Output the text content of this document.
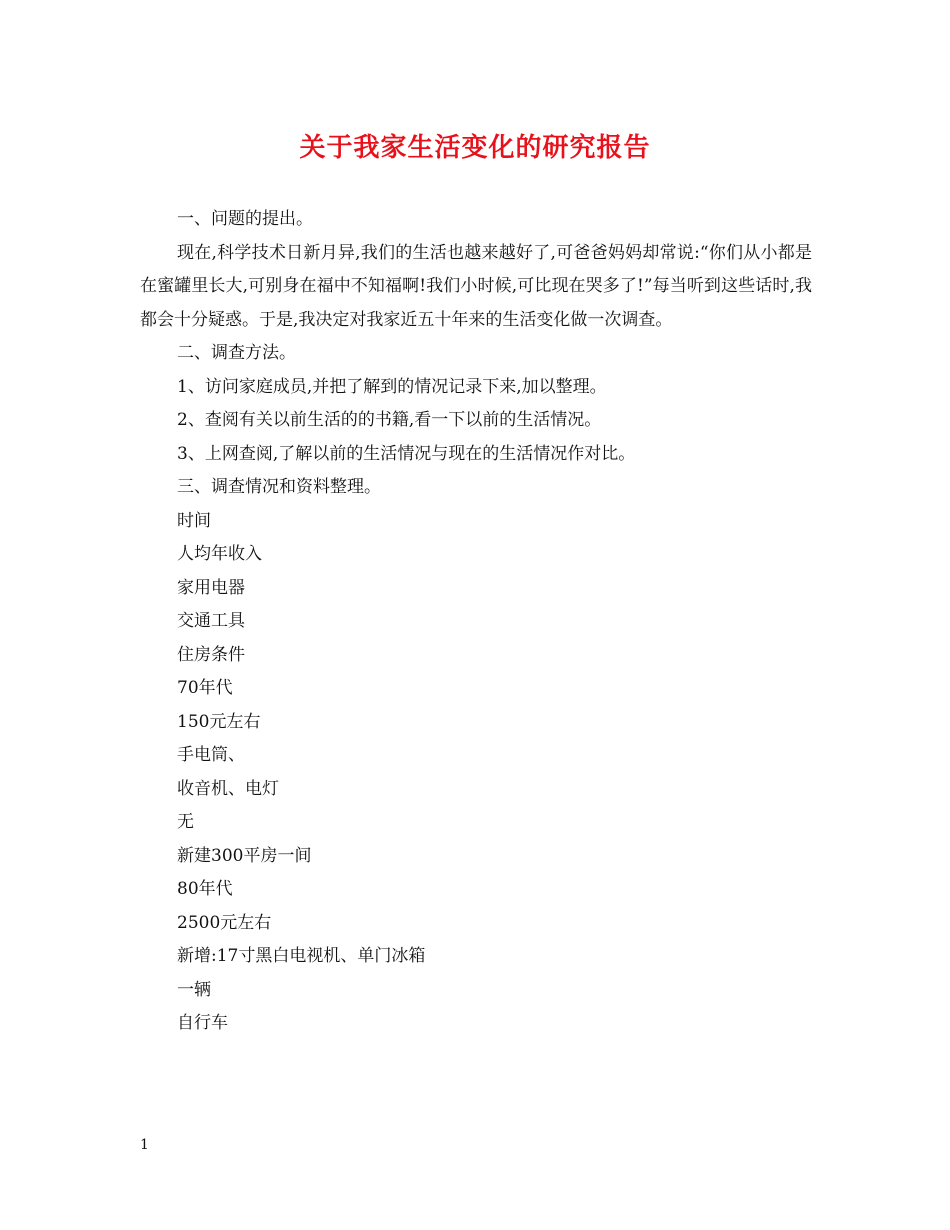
关于我家生活变化的研究报告

一、问题的提出。

现在,科学技术日新月异,我们的生活也越来越好了,可爸爸妈妈却常说:“你们从小都是在蜜罐里长大,可别身在福中不知福啊!我们小时候,可比现在哭多了!”每当听到这些话时,我都会十分疑惑。于是,我决定对我家近五十年来的生活变化做一次调查。

二、调查方法。

1、访问家庭成员,并把了解到的情况记录下来,加以整理。

2、查阅有关以前生活的的书籍,看一下以前的生活情况。

3、上网查阅,了解以前的生活情况与现在的生活情况作对比。

三、调查情况和资料整理。

时间

人均年收入

家用电器

交通工具

住房条件

70年代

150元左右

手电筒、

收音机、电灯

无

新建300平房一间

80年代

2500元左右

新增:17寸黑白电视机、单门冰箱

一辆

自行车

1
